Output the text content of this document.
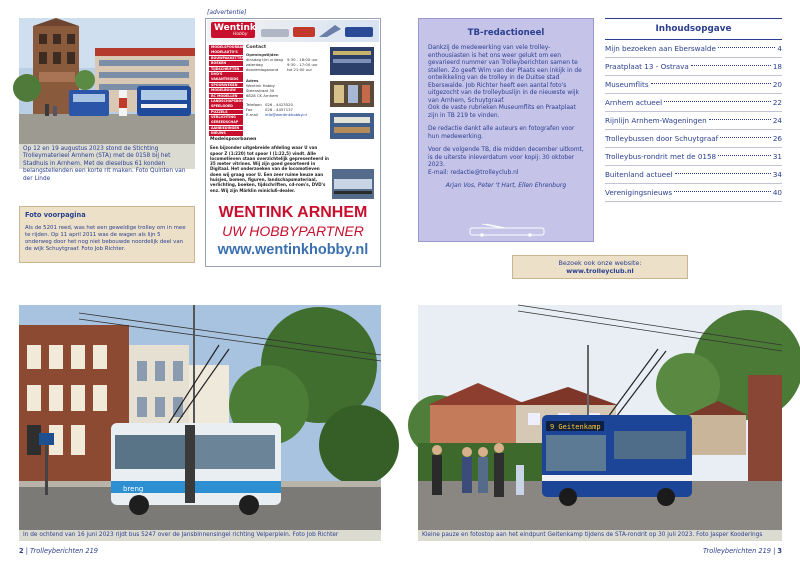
Op 12 en 19 augustus 2023 stond de Stichting Trolleymaterieel Arnhem (STA) met de 0158 bij het Stadhuis in Arnhem. Met de dieselbus 61 konden belangstellenden een korte rit maken. Foto Quinten van der Linde
Foto voorpagina
Als de 5201 reed, was het een geweldige trolley om in mee te rijden. Op 11 april 2011 was de wagen als lijn 5 onderweg door het nog niet bebouwde noordelijk deel van de wijk Schuytgraaf. Foto Job Richter.
[advertentie]
Wentink
Hobby
MODELSPOORBANEN
MODELAUTO'S
BOUWPAKKETTEN
BOEKEN
TIJDSCHRIFTEN
DVD'S
VAKANTIEGIDS
SPOORWEGEN
MODELBOUW
RC MODELLEN
LANDSCHAPSBOUW
SPEELGOED
PUZZELS
VERLICHTING
GEREEDSCHAP
AANBIEDINGEN
NIEUWS
Contact
Openingstijden
dinsdag t/m vrijdag 9:30 - 18:00 uur
zaterdag	9:30 - 17:00 uur
donderdagavond	tot 21:00 uur
Adres
Wentink Hobby
Steenstraat 30
6828 CK Arnhem
Telefoon 026 - 4423520
Fax	026 - 4457137
E-mail	info@wentinkhobby.nl
Modelspoorbanen
Een bijzonder uitgebreide afdeling waar U van spoor Z (1:220) tot spoor I (1:22,5) vindt. Alle locomotieven staan overzichtelijk gepresenteerd in 35 meter vitrines. Wij zijn goed gesorteerd in Digitaal. Het onderzoeken van de locomotieven doen wij graag voor U. Een zeer ruime keuze aan huisjes, bomen, figuren, landschapsmateriaal, verlichting, boeken, tijdschriften, cd-rom's, DVD's enz. Wij zijn Märklin minicluб-dealer.
WENTINK ARNHEM
UW HOBBYPARTNER
www.wentinkhobby.nl
breng
In de ochtend van 16 juni 2023 rijdt bus 5247 over de Jansbinnensingel richting Velperplein. Foto Job Richter
2 | Trolleyberichten 219
TB-redactioneel

Dankzij de medewerking van vele trolley-enthousiasten is het ons weer gelukt om een gevarieerd nummer van Trolleyberichten samen te stellen. Zo geeft Wim van der Plaats een inkijk in de ontwikkeling van de trolley in de Duitse stad Eberswalde. Job Richter heeft een aantal foto's uitgezocht van de trolleybuslijn in de nieuwste wijk van Arnhem, Schuytgraaf.

Ook de vaste rubrieken Museumflits en Praatplaat zijn in TB 219 te vinden.

De redactie dankt alle auteurs en fotografen voor hun medewerking.

Voor de volgende TB, die midden december uitkomt, is de uiterste inleverdatum voor kopij: 30 oktober 2023.

E-mail: redactie@trolleyclub.nl

Arjan Vos, Peter 't Hart, Ellen Ehrenburg
Inhoudsopgave
Mijn bezoeken aan Eberswalde	4
Praatplaat 13 - Ostrava	18
Museumflits	20
Arnhem actueel	22
Rijnlijn Arnhem-Wageningen	24
Trolleybussen door Schuytgraaf	26
Trolleybus-rondrit met de 0158	31
Buitenland actueel	34
Verenigingsnieuws	40
Bezoek ook onze website:
www.trolleyclub.nl
9 Geitenkamp
Kleine pauze en fotostop aan het eindpunt Geitenkamp tijdens de STA-rondrit op 30 juli 2023. Foto Jasper Kooderings
Trolleyberichten 219 | 3
